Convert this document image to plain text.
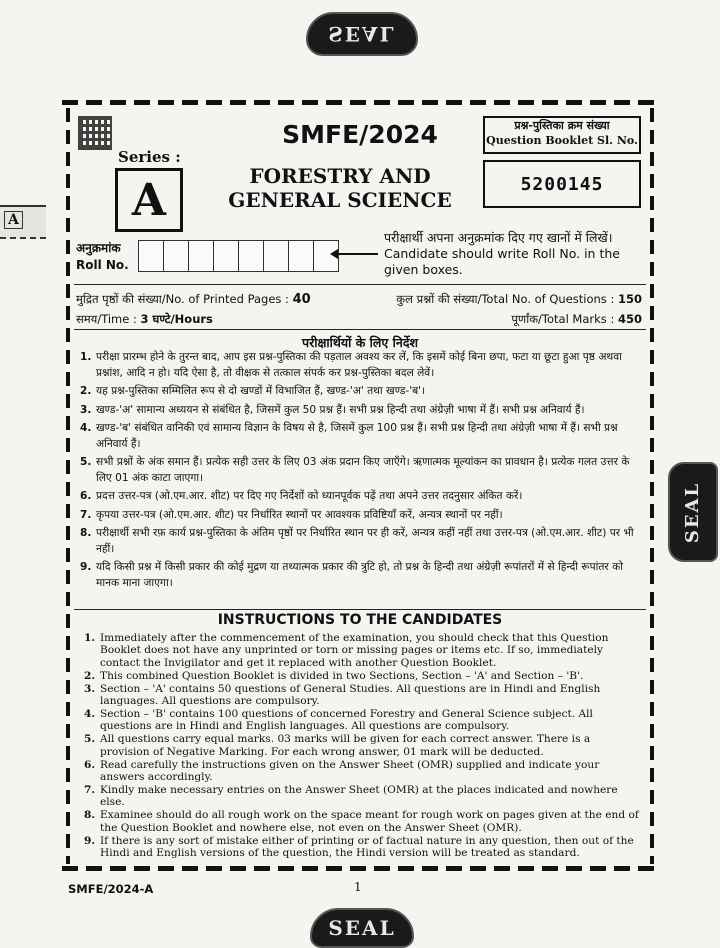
SEAL
SEAL
SEAL
A
Series :
A
SMFE/2024
FORESTRY AND
GENERAL SCIENCE
प्रश्न-पुस्तिका क्रम संख्या
Question Booklet Sl. No.
5200145
अनुक्रमांक
Roll No.
परीक्षार्थी अपना अनुक्रमांक दिए गए खानों में लिखें।
Candidate should write Roll No. in the given boxes.
मुद्रित पृष्ठों की संख्या/No. of Printed Pages : 40	कुल प्रश्नों की संख्या/Total No. of Questions : 150
समय/Time : 3 घण्टे/Hours	पूर्णांक/Total Marks : 450
परीक्षार्थियों के लिए निर्देश
1. परीक्षा प्रारम्भ होने के तुरन्त बाद, आप इस प्रश्न-पुस्तिका की पड़ताल अवश्य कर लें, कि इसमें कोई बिना छपा, फटा या छूटा हुआ पृष्ठ अथवा प्रश्नांश, आदि न हो। यदि ऐसा है, तो वीक्षक से तत्काल संपर्क कर प्रश्न-पुस्तिका बदल लेवें।
2. यह प्रश्न-पुस्तिका सम्मिलित रूप से दो खण्डों में विभाजित हैं, खण्ड-'अ' तथा खण्ड-'ब'।
3. खण्ड-'अ' सामान्य अध्ययन से संबंधित है, जिसमें कुल 50 प्रश्न हैं। सभी प्रश्न हिन्दी तथा अंग्रेज़ी भाषा में हैं। सभी प्रश्न अनिवार्य हैं।
4. खण्ड-'ब' संबंधित वानिकी एवं सामान्य विज्ञान के विषय से है, जिसमें कुल 100 प्रश्न हैं। सभी प्रश्न हिन्दी तथा अंग्रेज़ी भाषा में हैं। सभी प्रश्न अनिवार्य हैं।
5. सभी प्रश्नों के अंक समान हैं। प्रत्येक सही उत्तर के लिए 03 अंक प्रदान किए जाएँगे। ऋणात्मक मूल्यांकन का प्रावधान है। प्रत्येक गलत उत्तर के लिए 01 अंक काटा जाएगा।
6. प्रदत्त उत्तर-पत्र (ओ.एम.आर. शीट) पर दिए गए निर्देशों को ध्यानपूर्वक पढ़ें तथा अपने उत्तर तदनुसार अंकित करें।
7. कृपया उत्तर-पत्र (ओ.एम.आर. शीट) पर निर्धारित स्थानों पर आवश्यक प्रविष्टियाँ करें, अन्यत्र स्थानों पर नहीं।
8. परीक्षार्थी सभी रफ़ कार्य प्रश्न-पुस्तिका के अंतिम पृष्ठों पर निर्धारित स्थान पर ही करें, अन्यत्र कहीं नहीं तथा उत्तर-पत्र (ओ.एम.आर. शीट) पर भी नहीं।
9. यदि किसी प्रश्न में किसी प्रकार की कोई मुद्रण या तथ्यात्मक प्रकार की त्रुटि हो, तो प्रश्न के हिन्दी तथा अंग्रेज़ी रूपांतरों में से हिन्दी रूपांतर को मानक माना जाएगा।
INSTRUCTIONS TO THE CANDIDATES
1. Immediately after the commencement of the examination, you should check that this Question Booklet does not have any unprinted or torn or missing pages or items etc. If so, immediately contact the Invigilator and get it replaced with another Question Booklet.
2. This combined Question Booklet is divided in two Sections, Section – 'A' and Section – 'B'.
3. Section – 'A' contains 50 questions of General Studies. All questions are in Hindi and English languages. All questions are compulsory.
4. Section – 'B' contains 100 questions of concerned Forestry and General Science subject. All questions are in Hindi and English languages. All questions are compulsory.
5. All questions carry equal marks. 03 marks will be given for each correct answer. There is a provision of Negative Marking. For each wrong answer, 01 mark will be deducted.
6. Read carefully the instructions given on the Answer Sheet (OMR) supplied and indicate your answers accordingly.
7. Kindly make necessary entries on the Answer Sheet (OMR) at the places indicated and nowhere else.
8. Examinee should do all rough work on the space meant for rough work on pages given at the end of the Question Booklet and nowhere else, not even on the Answer Sheet (OMR).
9. If there is any sort of mistake either of printing or of factual nature in any question, then out of the Hindi and English versions of the question, the Hindi version will be treated as standard.
SMFE/2024-A	1
